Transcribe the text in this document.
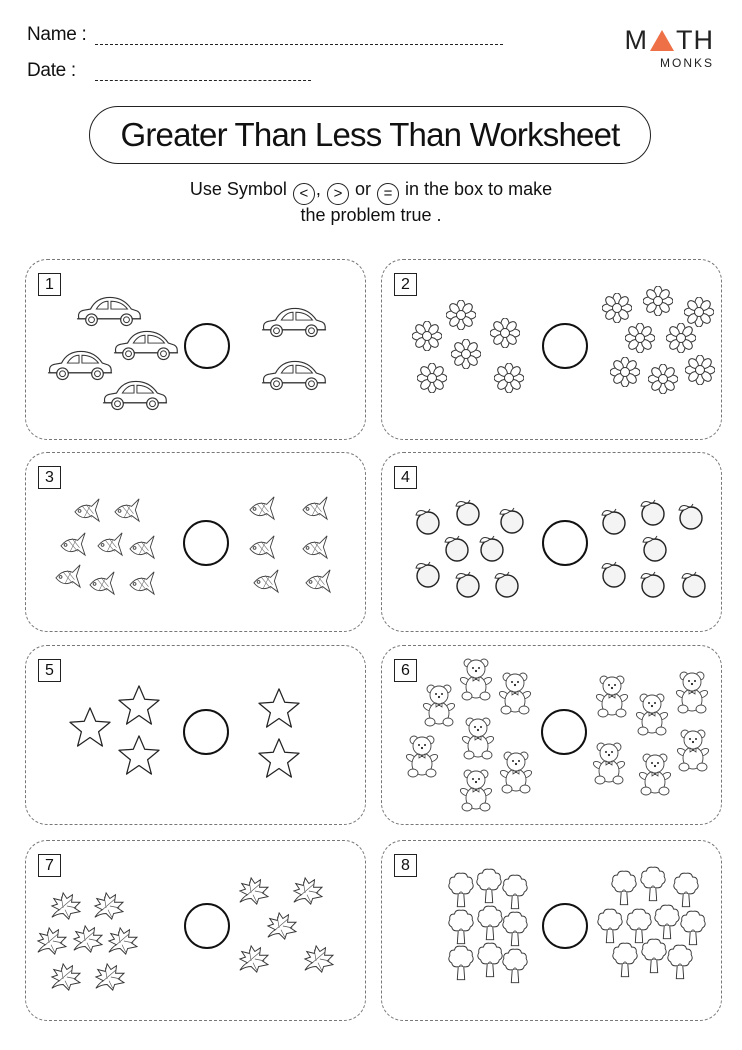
Name :
Date :
M TH
MONKS
Greater Than Less Than Worksheet
Use Symbol < , > or = in the box to make
the problem true .
1	2
3	4
5	6
7	8
